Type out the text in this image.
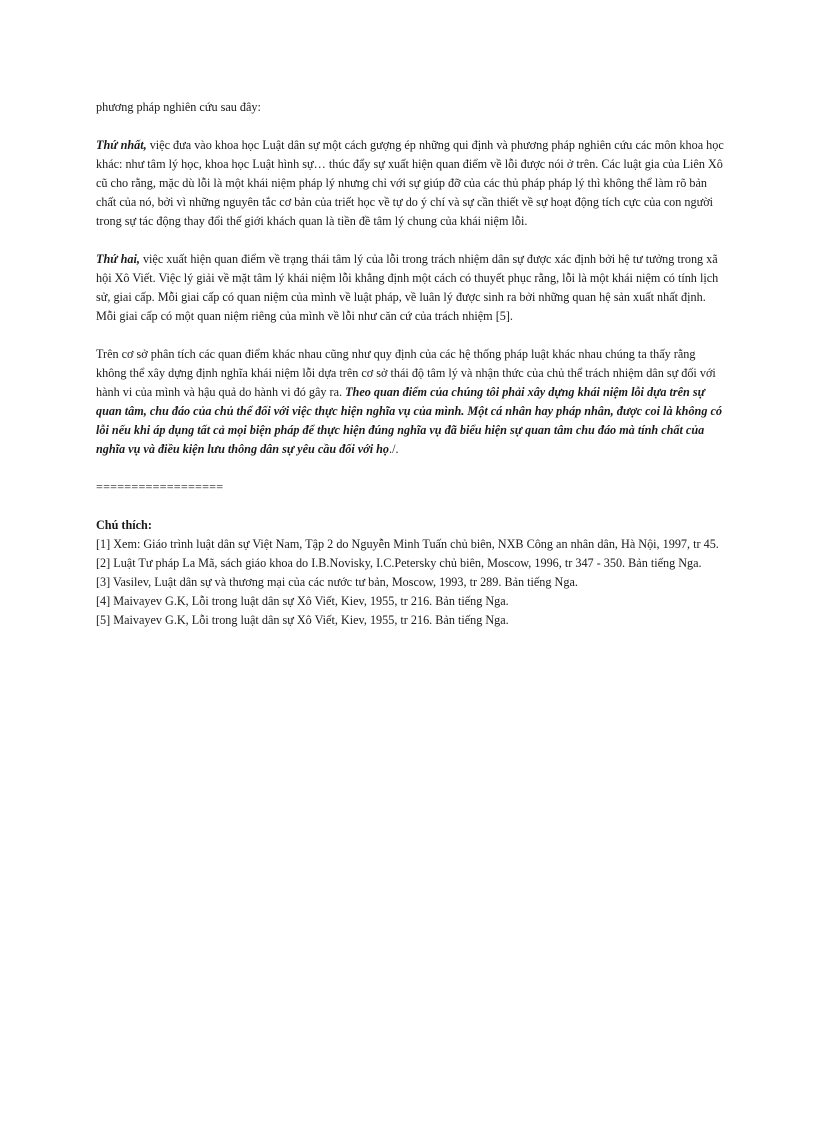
phương pháp nghiên cứu sau đây:

Thứ nhất, việc đưa vào khoa học Luật dân sự một cách gượng ép những qui định và phương pháp nghiên cứu các môn khoa học khác: như tâm lý học, khoa học Luật hình sự… thúc đẩy sự xuất hiện quan điểm về lỗi được nói ở trên. Các luật gia của Liên Xô cũ cho rằng, mặc dù lỗi là một khái niệm pháp lý nhưng chỉ với sự giúp đỡ của các thủ pháp pháp lý thì không thể làm rõ bản chất của nó, bởi vì những nguyên tắc cơ bản của triết học về tự do ý chí và sự cần thiết về sự hoạt động tích cực của con người trong sự tác động thay đổi thế giới khách quan là tiền đề tâm lý chung của khái niệm lỗi.

Thứ hai, việc xuất hiện quan điểm về trạng thái tâm lý của lỗi trong trách nhiệm dân sự được xác định bởi hệ tư tưởng trong xã hội Xô Viết. Việc lý giải về mặt tâm lý khái niệm lỗi khẳng định một cách có thuyết phục rằng, lỗi là một khái niệm có tính lịch sử, giai cấp. Mỗi giai cấp có quan niệm của mình về luật pháp, về luân lý được sinh ra bởi những quan hệ sản xuất nhất định. Mỗi giai cấp có một quan niệm riêng của mình về lỗi như căn cứ của trách nhiệm [5].

Trên cơ sở phân tích các quan điểm khác nhau cũng như quy định của các hệ thống pháp luật khác nhau chúng ta thấy rằng không thể xây dựng định nghĩa khái niệm lỗi dựa trên cơ sở thái độ tâm lý và nhận thức của chủ thể trách nhiệm dân sự đối với hành vi của mình và hậu quả do hành vi đó gây ra. Theo quan điểm của chúng tôi phải xây dựng khái niệm lỗi dựa trên sự quan tâm, chu đáo của chủ thể đối với việc thực hiện nghĩa vụ của mình. Một cá nhân hay pháp nhân, được coi là không có lỗi nếu khi áp dụng tất cả mọi biện pháp để thực hiện đúng nghĩa vụ đã biểu hiện sự quan tâm chu đáo mà tính chất của nghĩa vụ và điều kiện lưu thông dân sự yêu cầu đối với họ./.

==================

Chú thích:

[1] Xem: Giáo trình luật dân sự Việt Nam, Tập 2 do Nguyễn Minh Tuấn chủ biên, NXB Công an nhân dân, Hà Nội, 1997, tr 45.

[2] Luật Tư pháp La Mã, sách giáo khoa do I.B.Novisky, I.C.Petersky chủ biên, Moscow, 1996, tr 347 - 350. Bản tiếng Nga.

[3] Vasilev, Luật dân sự và thương mại của các nước tư bản, Moscow, 1993, tr 289. Bản tiếng Nga.

[4] Maivayev G.K, Lỗi trong luật dân sự Xô Viết, Kiev, 1955, tr 216. Bản tiếng Nga.

[5] Maivayev G.K, Lỗi trong luật dân sự Xô Viết, Kiev, 1955, tr 216. Bản tiếng Nga.
